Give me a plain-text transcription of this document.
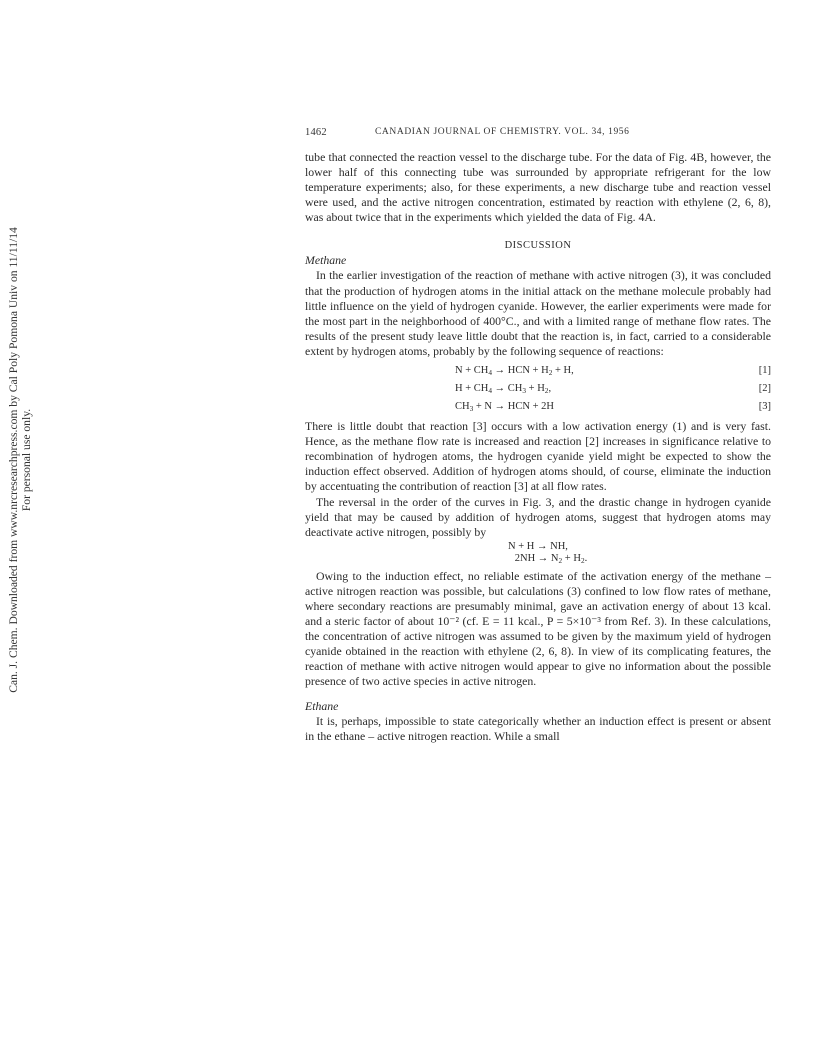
Can. J. Chem. Downloaded from www.nrcresearchpress.com by Cal Poly Pomona Univ on 11/11/14 For personal use only.
1462	CANADIAN JOURNAL OF CHEMISTRY. VOL. 34, 1956

tube that connected the reaction vessel to the discharge tube. For the data of Fig. 4B, however, the lower half of this connecting tube was surrounded by appropriate refrigerant for the low temperature experiments; also, for these experiments, a new discharge tube and reaction vessel were used, and the active nitrogen concentration, estimated by reaction with ethylene (2, 6, 8), was about twice that in the experiments which yielded the data of Fig. 4A.

DISCUSSION
Methane

In the earlier investigation of the reaction of methane with active nitrogen (3), it was concluded that the production of hydrogen atoms in the initial attack on the methane molecule probably had little influence on the yield of hydrogen cyanide. However, the earlier experiments were made for the most part in the neighborhood of 400°C., and with a limited range of methane flow rates. The results of the present study leave little doubt that the reaction is, in fact, carried to a considerable extent by hydrogen atoms, probably by the following sequence of reactions:

$N + CH_4$ → HCN + $H_2 + H$,	[1]
$H + CH_4 \to CH_3 + H_2$,	[2]
$CH_3 + N$ → HCN + 2H	[3]

There is little doubt that reaction [3] occurs with a low activation energy (1) and is very fast. Hence, as the methane flow rate is increased and reaction [2] increases in significance relative to recombination of hydrogen atoms, the hydrogen cyanide yield might be expected to show the induction effect observed. Addition of hydrogen atoms should, of course, eliminate the induction by accentuating the contribution of reaction [3] at all flow rates.

The reversal in the order of the curves in Fig. 3, and the drastic change in hydrogen cyanide yield that may be caused by addition of hydrogen atoms, suggest that hydrogen atoms may deactivate active nitrogen, possibly by

N + H → NH,
$2NH \to N_2 + H_2$.

Owing to the induction effect, no reliable estimate of the activation energy of the methane – active nitrogen reaction was possible, but calculations (3) confined to low flow rates of methane, where secondary reactions are presumably minimal, gave an activation energy of about 13 kcal. and a steric factor of about 10⁻² (cf. E = 11 kcal., P = 5×10⁻³ from Ref. 3). In these calculations, the concentration of active nitrogen was assumed to be given by the maximum yield of hydrogen cyanide obtained in the reaction with ethylene (2, 6, 8). In view of its complicating features, the reaction of methane with active nitrogen would appear to give no information about the possible presence of two active species in active nitrogen.

Ethane

It is, perhaps, impossible to state categorically whether an induction effect is present or absent in the ethane – active nitrogen reaction. While a small
